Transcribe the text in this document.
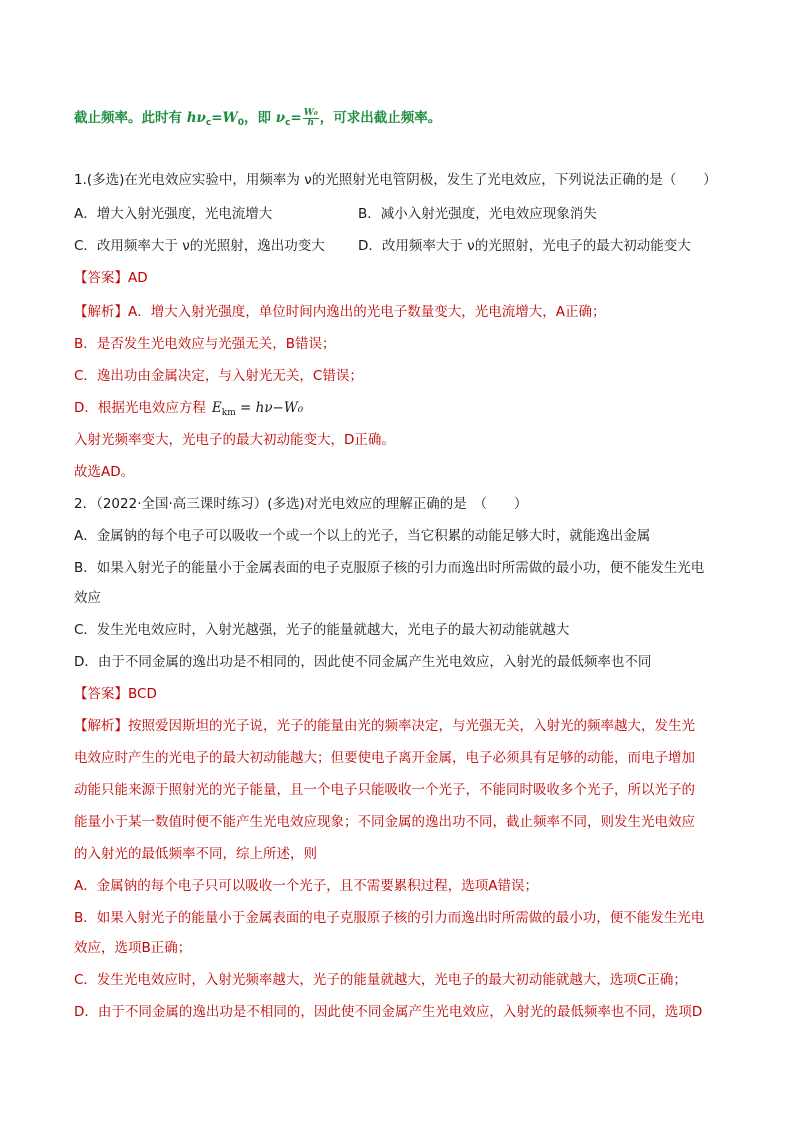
截止频率。此时有 $h\nu_c=W_0$，即 $\nu_c= \frac{\text{W₀}}{h}$ ，可求出截止频率。
1.(多选)在光电效应实验中，用频率为 ν的光照射光电管阴极，发生了光电效应，下列说法正确的是（　　）
A．增大入射光强度，光电流增大	B．减小入射光强度，光电效应现象消失
C．改用频率大于 ν的光照射，逸出功变大 D．改用频率大于 ν的光照射，光电子的最大初动能变大
【答案】AD
【解析】A．增大入射光强度，单位时间内逸出的光电子数量变大，光电流增大，A正确；
B．是否发生光电效应与光强无关，B错误；
C．逸出功由金属决定，与入射光无关，C错误；
D．根据光电效应方程 $E_{km} = h\nu-W_0$
入射光频率变大，光电子的最大初动能变大，D正确。
故选AD。
2．（2022·全国·高三课时练习）(多选)对光电效应的理解正确的是　（　　）
A．金属钠的每个电子可以吸收一个或一个以上的光子，当它积累的动能足够大时，就能逸出金属
B．如果入射光子的能量小于金属表面的电子克服原子核的引力而逸出时所需做的最小功，便不能发生光电
效应
C．发生光电效应时，入射光越强，光子的能量就越大，光电子的最大初动能就越大
D．由于不同金属的逸出功是不相同的，因此使不同金属产生光电效应，入射光的最低频率也不同
【答案】BCD
【解析】按照爱因斯坦的光子说，光子的能量由光的频率决定，与光强无关，入射光的频率越大，发生光
电效应时产生的光电子的最大初动能越大；但要使电子离开金属，电子必须具有足够的动能，而电子增加
动能只能来源于照射光的光子能量，且一个电子只能吸收一个光子，不能同时吸收多个光子，所以光子的
能量小于某一数值时便不能产生光电效应现象；不同金属的逸出功不同，截止频率不同，则发生光电效应
的入射光的最低频率不同，综上所述，则
A．金属钠的每个电子只可以吸收一个光子，且不需要累积过程，选项A错误；
B．如果入射光子的能量小于金属表面的电子克服原子核的引力而逸出时所需做的最小功，便不能发生光电
效应，选项B正确；
C．发生光电效应时，入射光频率越大，光子的能量就越大，光电子的最大初动能就越大，选项C正确；
D．由于不同金属的逸出功是不相同的，因此使不同金属产生光电效应，入射光的最低频率也不同，选项D
